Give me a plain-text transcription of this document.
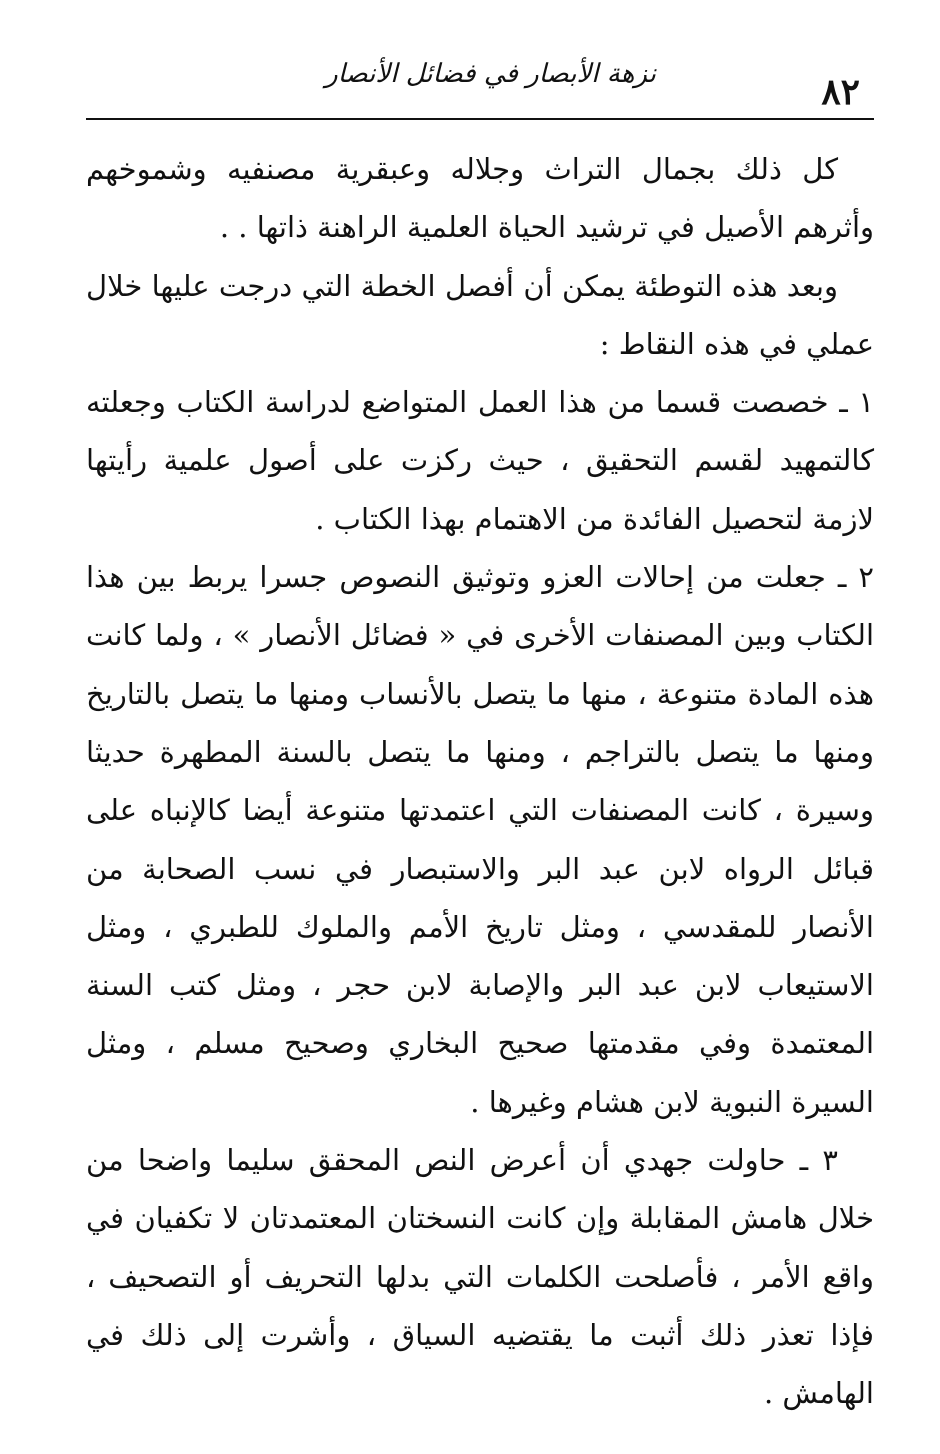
نزهة الأبصار في فضائل الأنصار	٨٢

كل ذلك بجمال التراث وجلاله وعبقرية مصنفيه وشموخهم وأثرهم الأصيل في ترشيد الحياة العلمية الراهنة ذاتها . .

وبعد هذه التوطئة يمكن أن أفصل الخطة التي درجت عليها خلال عملي في هذه النقاط :

١ ـ خصصت قسما من هذا العمل المتواضع لدراسة الكتاب وجعلته كالتمهيد لقسم التحقيق ، حيث ركزت على أصول علمية رأيتها لازمة لتحصيل الفائدة من الاهتمام بهذا الكتاب .

٢ ـ جعلت من إحالات العزو وتوثيق النصوص جسرا يربط بين هذا الكتاب وبين المصنفات الأخرى في « فضائل الأنصار » ، ولما كانت هذه المادة متنوعة ، منها ما يتصل بالأنساب ومنها ما يتصل بالتاريخ ومنها ما يتصل بالتراجم ، ومنها ما يتصل بالسنة المطهرة حديثا وسيرة ، كانت المصنفات التي اعتمدتها متنوعة أيضا كالإنباه على قبائل الرواه لابن عبد البر والاستبصار في نسب الصحابة من الأنصار للمقدسي ، ومثل تاريخ الأمم والملوك للطبري ، ومثل الاستيعاب لابن عبد البر والإصابة لابن حجر ، ومثل كتب السنة المعتمدة وفي مقدمتها صحيح البخاري وصحيح مسلم ، ومثل السيرة النبوية لابن هشام وغيرها .

٣ ـ حاولت جهدي أن أعرض النص المحقق سليما واضحا من خلال هامش المقابلة وإن كانت النسختان المعتمدتان لا تكفيان في واقع الأمر ، فأصلحت الكلمات التي بدلها التحريف أو التصحيف ، فإذا تعذر ذلك أثبت ما يقتضيه السياق ، وأشرت إلى ذلك في الهامش .
